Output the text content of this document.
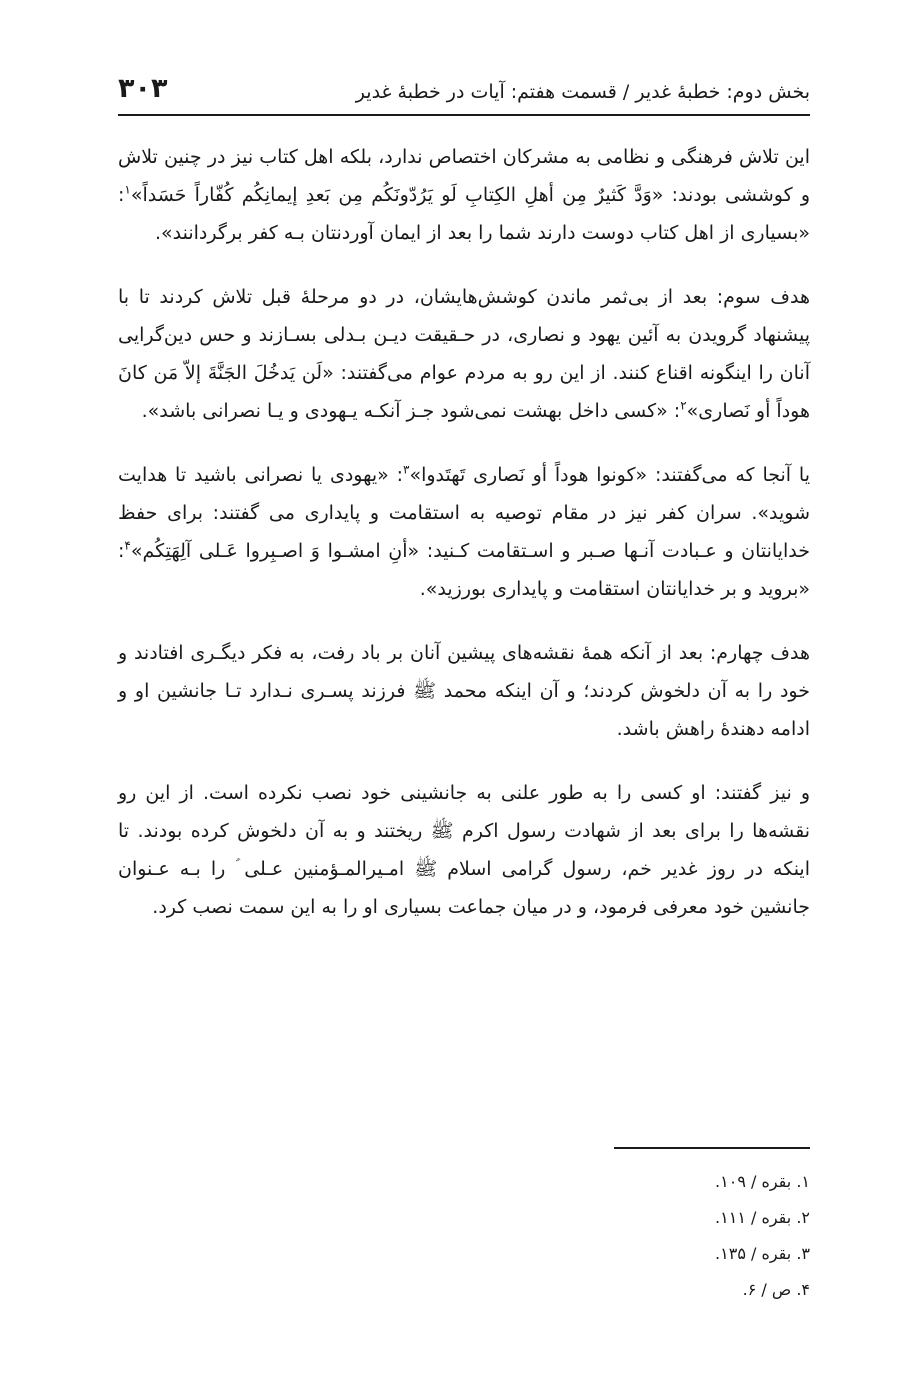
بخش دوم: خطبهٔ غدیر / قسمت هفتم: آیات در خطبهٔ غدیر
۳۰۳

این تلاش فرهنگی و نظامی به مشرکان اختصاص ندارد، بلکه اهل کتاب نیز در چنین تلاش و کوششی بودند: «وَدَّ کَثیرٌ مِن أهلِ الکِتابِ لَو یَرُدّونَکُم مِن بَعدِ إیمانِکُم کُفّاراً حَسَداً»$^۱$: «بسیاری از اهل کتاب دوست دارند شما را بعد از ایمان آوردنتان بـه کفر برگردانند».

هدف سوم: بعد از بی‌ثمر ماندن کوشش‌هایشان، در دو مرحلهٔ قبل تلاش کردند تا با پیشنهاد گرویدن به آئین یهود و نصاری، در حـقیقت دیـن بـدلی بسـازند و حس دین‌گرایی آنان را اینگونه اقناع کنند. از این رو به مردم عوام می‌گفتند: «لَن یَدخُلَ الجَنَّةَ إلاّ مَن کانَ هوداً أو نَصاری»$^۲$: «کسی داخل بهشت نمی‌شود جـز آنکـه یـهودی و یـا نصرانی باشد».

یا آنجا که می‌گفتند: «کونوا هوداً أو نَصاری تَهتَدوا»$^۳$: «یهودی یا نصرانی باشید تا هدایت شوید». سران کفر نیز در مقام توصیه به استقامت و پایداری می گفتند: برای حفظ خدایانتان و عـبادت آنـها صـبر و اسـتقامت کـنید: «أنِ امشـوا وَ اصـبِروا عَـلی آلِهَتِکُم»$^۴$: «بروید و بر خدایانتان استقامت و پایداری بورزید».

هدف چهارم: بعد از آنکه همهٔ نقشه‌های پیشین آنان بر باد رفت، به فکر دیگـری افتادند و خود را به آن دلخوش کردند؛ و آن اینکه محمد ﷺ فرزند پسـری نـدارد تـا جانشین او و ادامه دهندهٔ راهش باشد.

و نیز گفتند: او کسی را به طور علنی به جانشینی خود نصب نکرده است. از این رو نقشه‌ها را برای بعد از شهادت رسول اکرم ﷺ ریختند و به آن دلخوش کرده بودند. تا اینکه در روز غدیر خم، رسول گرامی اسلام ﷺ امـیرالمـؤمنین عـلی ؑ را بـه عـنوان جانشین خود معرفی فرمود، و در میان جماعت بسیاری او را به این سمت نصب کرد.

۱. بقره / ۱۰۹.
۲. بقره / ۱۱۱.
۳. بقره / ۱۳۵.
۴. ص / ۶.
